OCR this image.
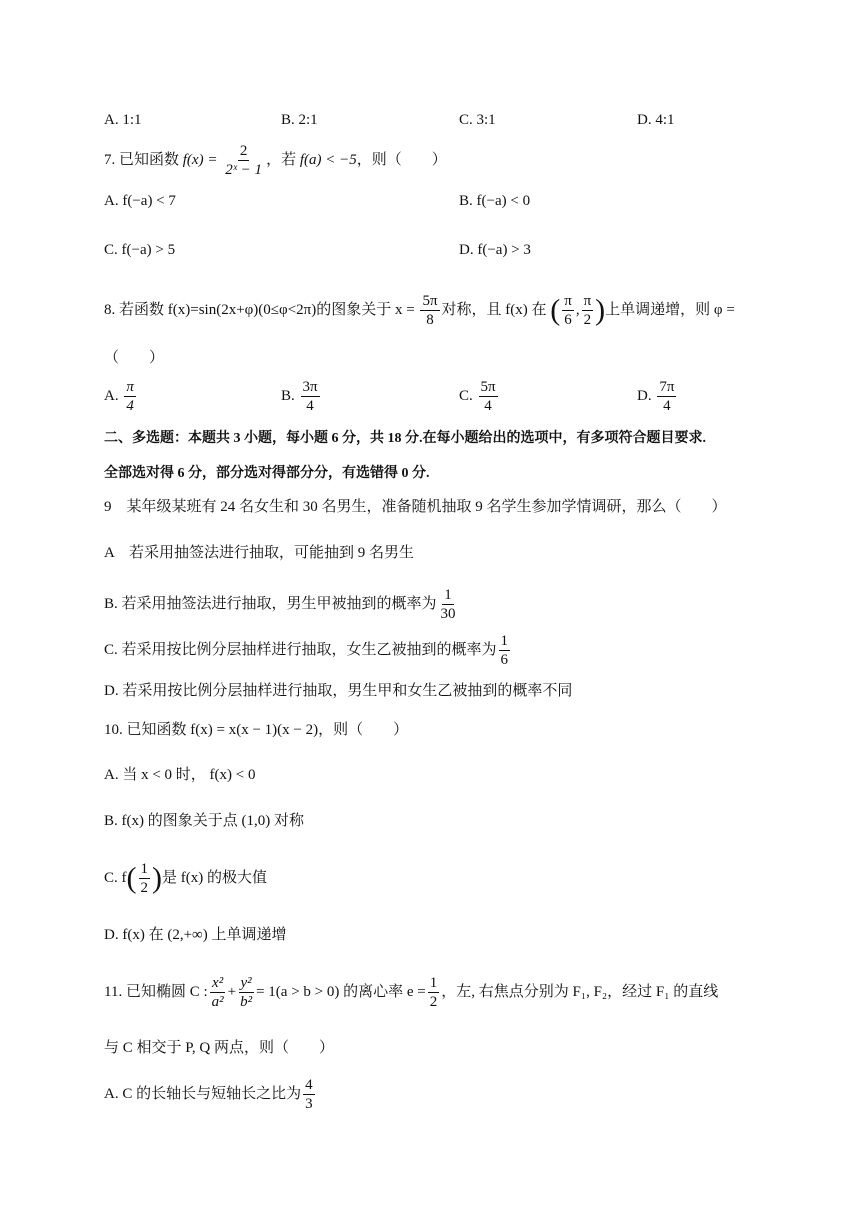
A. 1:1	B. 2:1	C. 3:1	D. 4:1
7. 已知函数 $f(x) = \frac{2}{\text{2ˣ − 1}}$ ，若 f(a) < −5，则（　　）
A. f(−a) < 7	B. f(−a) < 0
C. f(−a) > 5	D. f(−a) > 3
8. 若函数 f(x)=sin(2x+φ)(0≤φ<2π)的图象关于 $x = \frac{5\pi}{8}$ 对称，且 f(x) 在 ( $\frac{\pi}{6}$ , $\frac{\pi}{2}$ )上单调递增，则 φ =
（　　）
A. $\frac{\pi}{4}$	B. $\frac{3\pi}{4}$	C. $\frac{5\pi}{4}$	D. $\frac{7\pi}{4}$
二、多选题：本题共 3 小题，每小题 6 分，共 18 分.在每小题给出的选项中，有多项符合题目要求.
全部选对得 6 分，部分选对得部分分，有选错得 0 分.
9　某年级某班有 24 名女生和 30 名男生，准备随机抽取 9 名学生参加学情调研，那么（　　）
A　若采用抽签法进行抽取，可能抽到 9 名男生
B. 若采用抽签法进行抽取，男生甲被抽到的概率为 $\frac{1}{30}$
C. 若采用按比例分层抽样进行抽取，女生乙被抽到的概率为 $\frac{1}{6}$
D. 若采用按比例分层抽样进行抽取，男生甲和女生乙被抽到的概率不同
10. 已知函数 f(x) = x(x − 1)(x − 2)，则（　　）
A. 当 x < 0 时， f(x) < 0
B. f(x) 的图象关于点 (1,0) 对称
C. $f( \frac{1}{2}$ )是 f(x) 的极大值
D. f(x) 在 (2,+∞) 上单调递增
11. 已知椭圆 C : $\frac{\text{x²}}{\text{a²}} + \frac{\text{y²}}{\text{b²}} = 1(a > b > 0)$ 的离心率 $e = \frac{1}{2}$ ，左, 右焦点分别为 F₁, F₂，经过 F₁ 的直线
与 C 相交于 P, Q 两点，则（　　）
A. C 的长轴长与短轴长之比为 $\frac{4}{3}$
